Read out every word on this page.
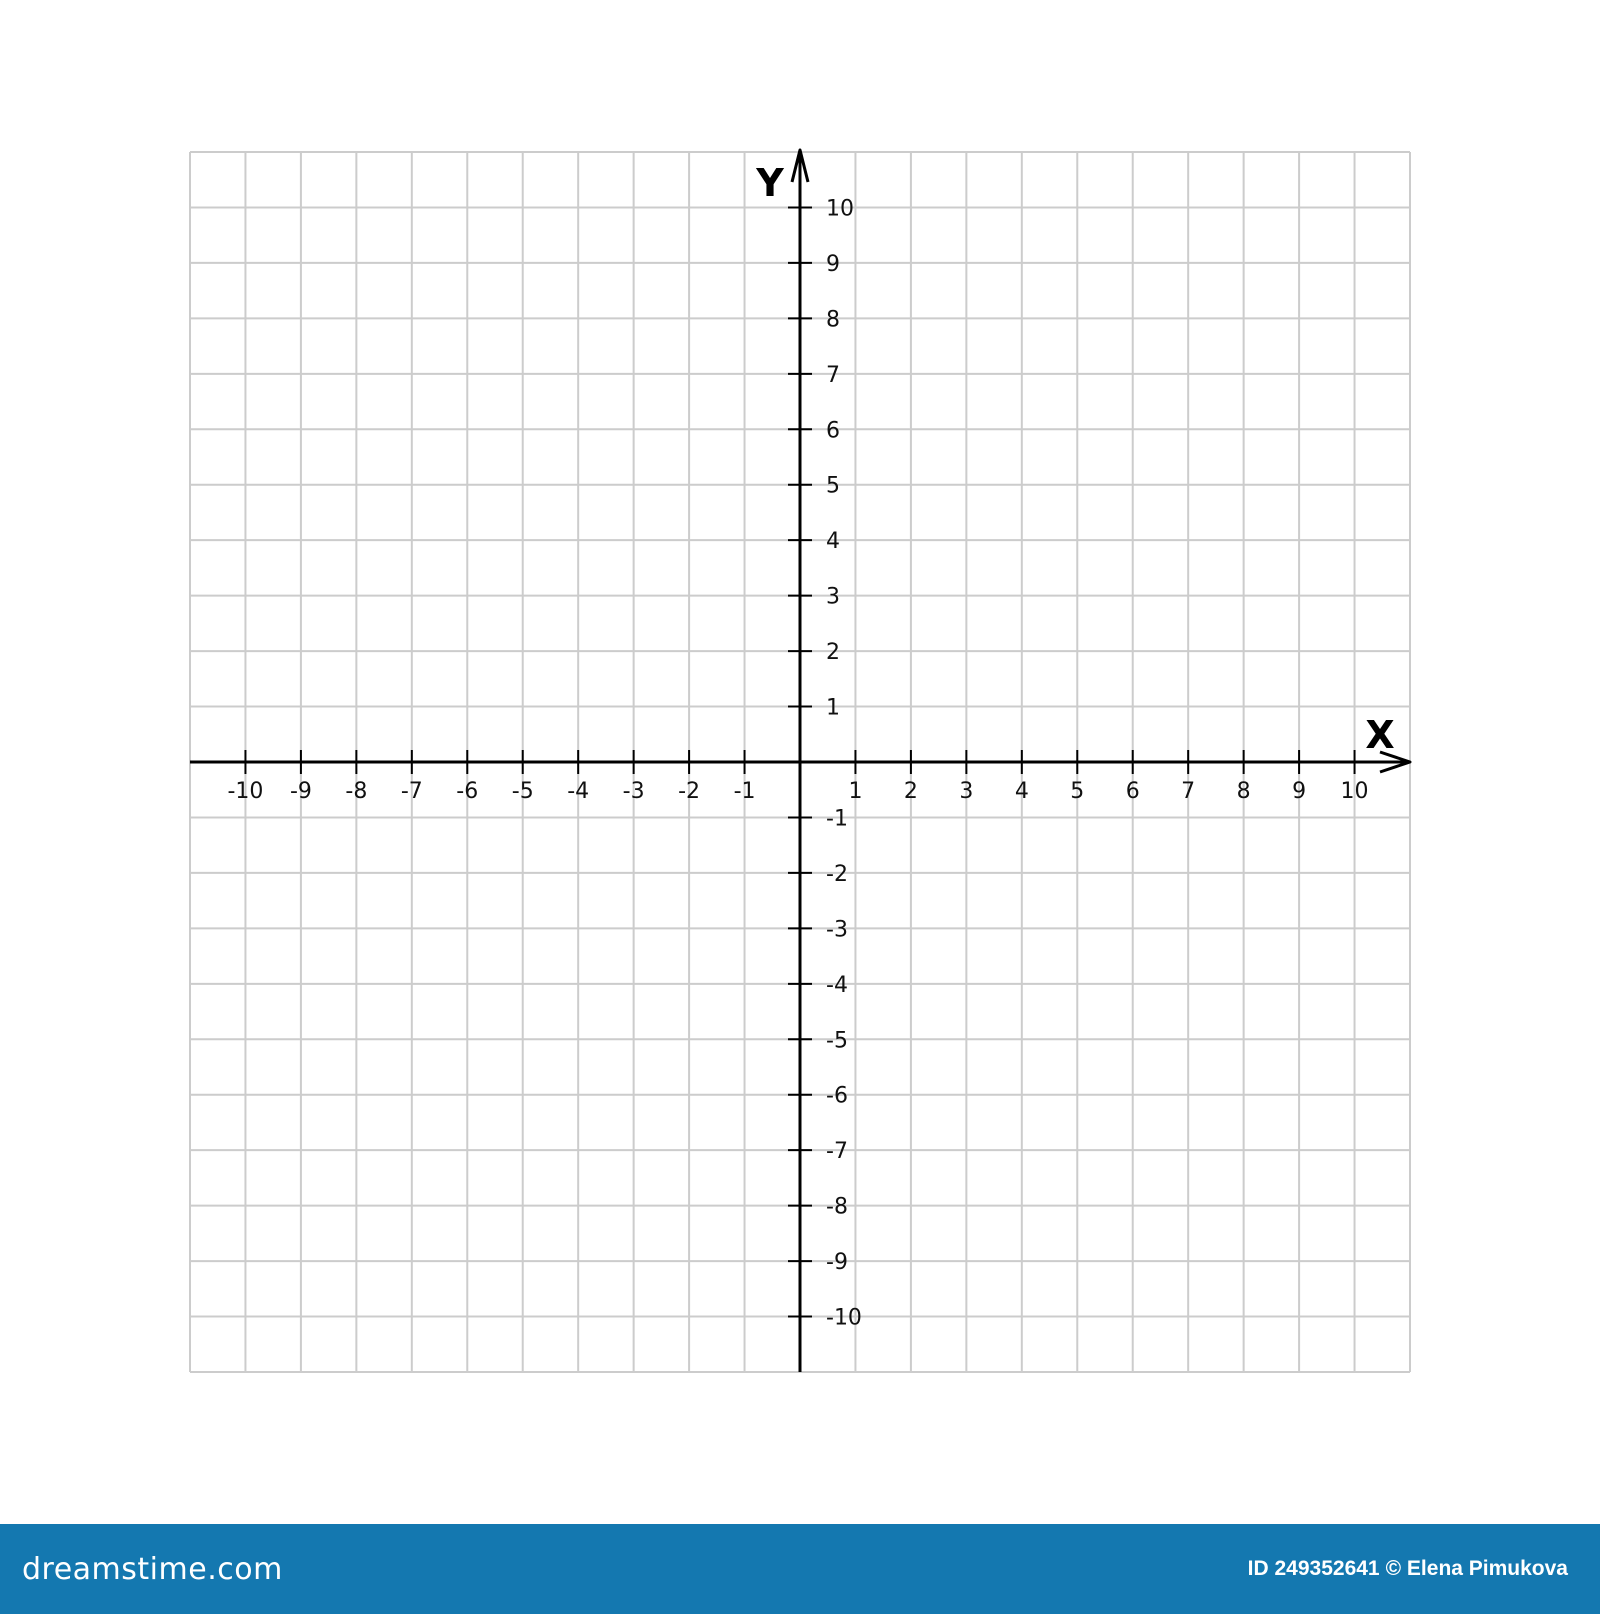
-10 -9 -8 -7 -6 -5 -4 -3 -2 -1	1 2 3 4 5 6 7 8 9 10
-10
-9
-8
-7
-6
-5
-4
-3
-2
-1
1
2
3
4
5
6
7
8
9
10
X
Y
dreamstime.com	ID 249352641 © Elena Pimukova
